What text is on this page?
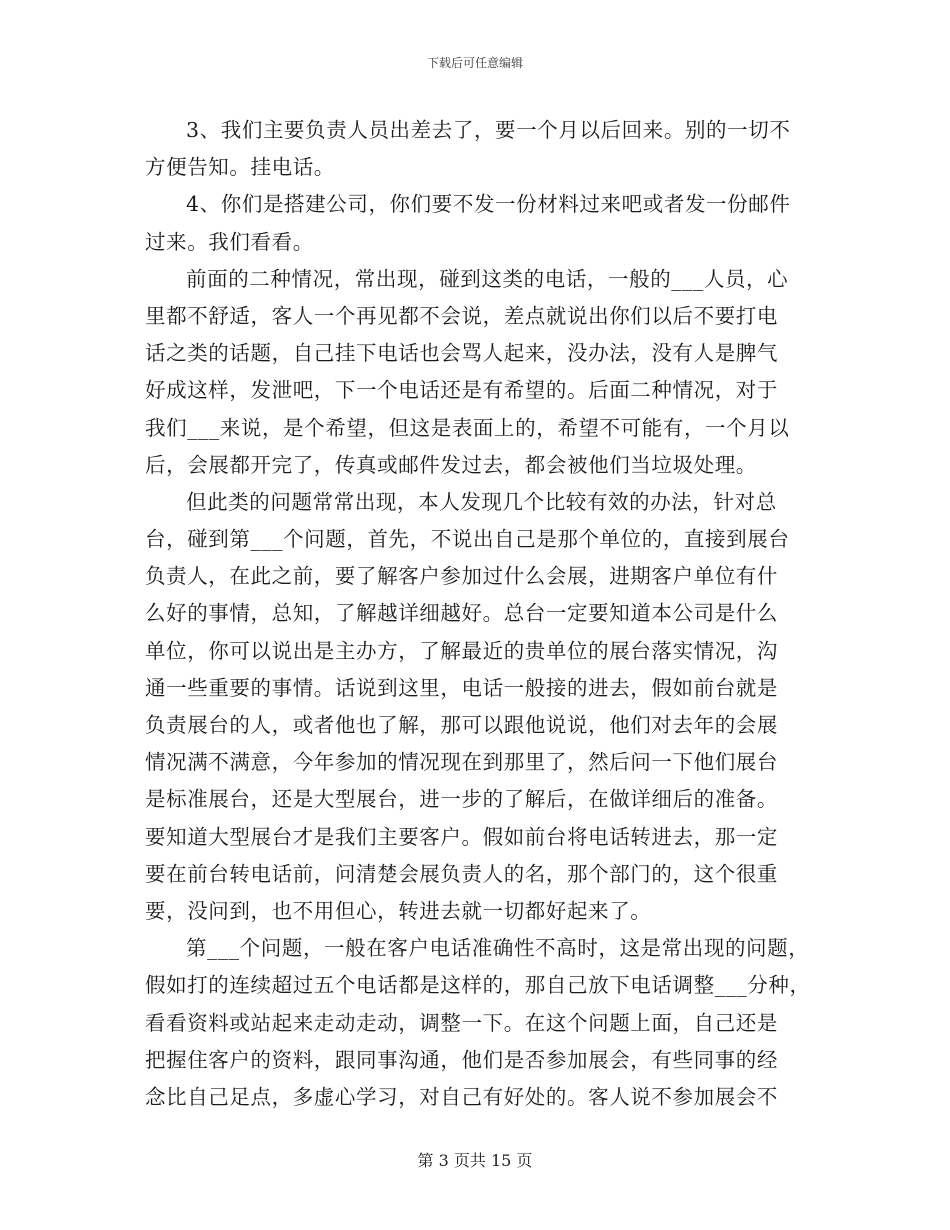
下载后可任意编辑
3、我们主要负责人员出差去了，要一个月以后回来。别的一切不
方便告知。挂电话。
4、你们是搭建公司，你们要不发一份材料过来吧或者发一份邮件
过来。我们看看。
前面的二种情况，常出现，碰到这类的电话，一般的___人员，心
里都不舒适，客人一个再见都不会说，差点就说出你们以后不要打电
话之类的话题，自己挂下电话也会骂人起来，没办法，没有人是脾气
好成这样，发泄吧，下一个电话还是有希望的。后面二种情况，对于
我们___来说，是个希望，但这是表面上的，希望不可能有，一个月以
后，会展都开完了，传真或邮件发过去，都会被他们当垃圾处理。
但此类的问题常常出现，本人发现几个比较有效的办法，针对总
台，碰到第___个问题，首先，不说出自己是那个单位的，直接到展台
负责人，在此之前，要了解客户参加过什么会展，进期客户单位有什
么好的事情，总知，了解越详细越好。总台一定要知道本公司是什么
单位，你可以说出是主办方，了解最近的贵单位的展台落实情况，沟
通一些重要的事情。话说到这里，电话一般接的进去，假如前台就是
负责展台的人，或者他也了解，那可以跟他说说，他们对去年的会展
情况满不满意，今年参加的情况现在到那里了，然后问一下他们展台
是标准展台，还是大型展台，进一步的了解后，在做详细后的准备。
要知道大型展台才是我们主要客户。假如前台将电话转进去，那一定
要在前台转电话前，问清楚会展负责人的名，那个部门的，这个很重
要，没问到，也不用但心，转进去就一切都好起来了。
第___个问题，一般在客户电话准确性不高时，这是常出现的问题，
假如打的连续超过五个电话都是这样的，那自己放下电话调整___分种，
看看资料或站起来走动走动，调整一下。在这个问题上面，自己还是
把握住客户的资料，跟同事沟通，他们是否参加展会，有些同事的经
念比自己足点，多虚心学习，对自己有好处的。客人说不参加展会不
第 3 页共 15 页
